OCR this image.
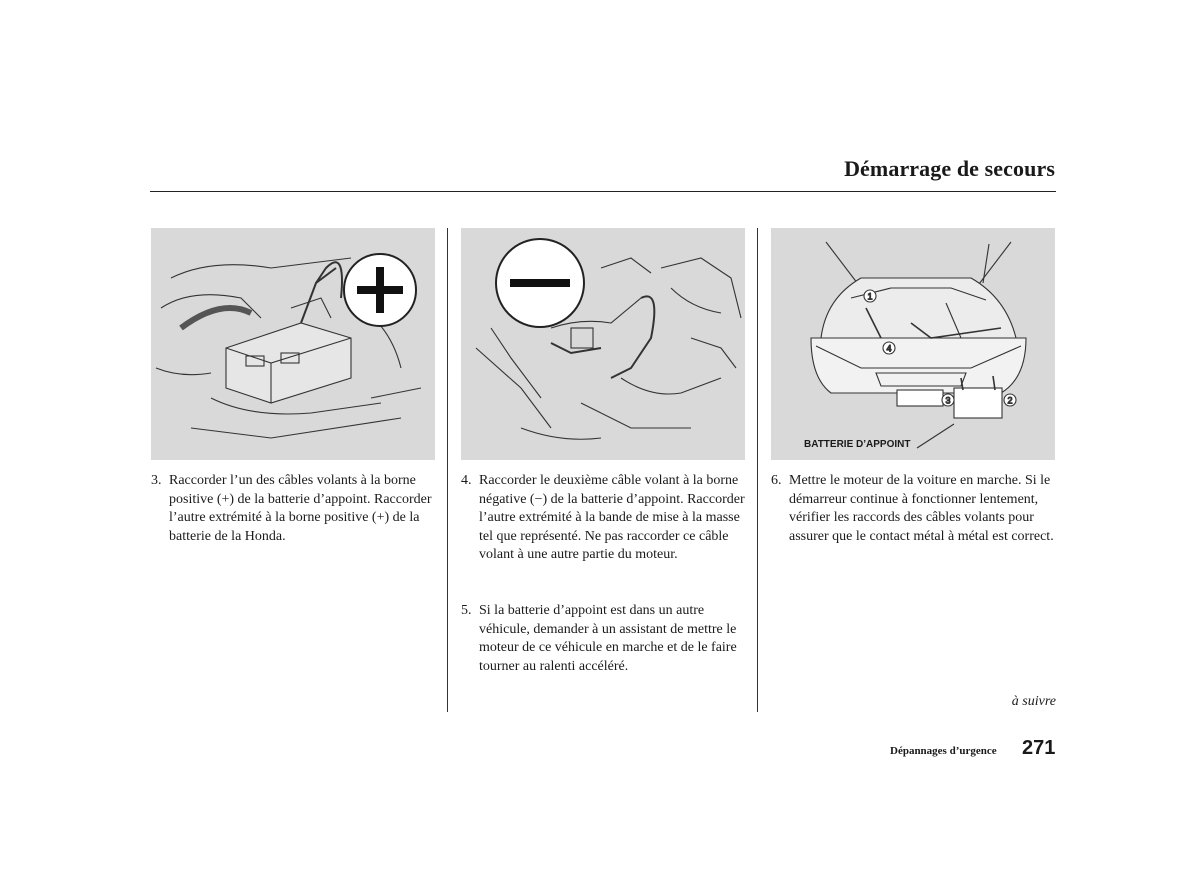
Démarrage de secours
1
2
3
4
BATTERIE D’APPOINT
3. Raccorder l’un des câbles volants à la borne positive (+) de la batterie d’appoint. Raccorder l’autre extrémité à la borne positive (+) de la batterie de la Honda.
4. Raccorder le deuxième câble volant à la borne négative (−) de la batterie d’appoint. Raccorder l’autre extrémité à la bande de mise à la masse tel que représenté. Ne pas raccorder ce câble volant à une autre partie du moteur.
5. Si la batterie d’appoint est dans un autre véhicule, demander à un assistant de mettre le moteur de ce véhicule en marche et de le faire tourner au ralenti accéléré.
6. Mettre le moteur de la voiture en marche. Si le démarreur continue à fonctionner lentement, vérifier les raccords des câbles volants pour assurer que le contact métal à métal est correct.
à suivre
Dépannages d’urgence 271
